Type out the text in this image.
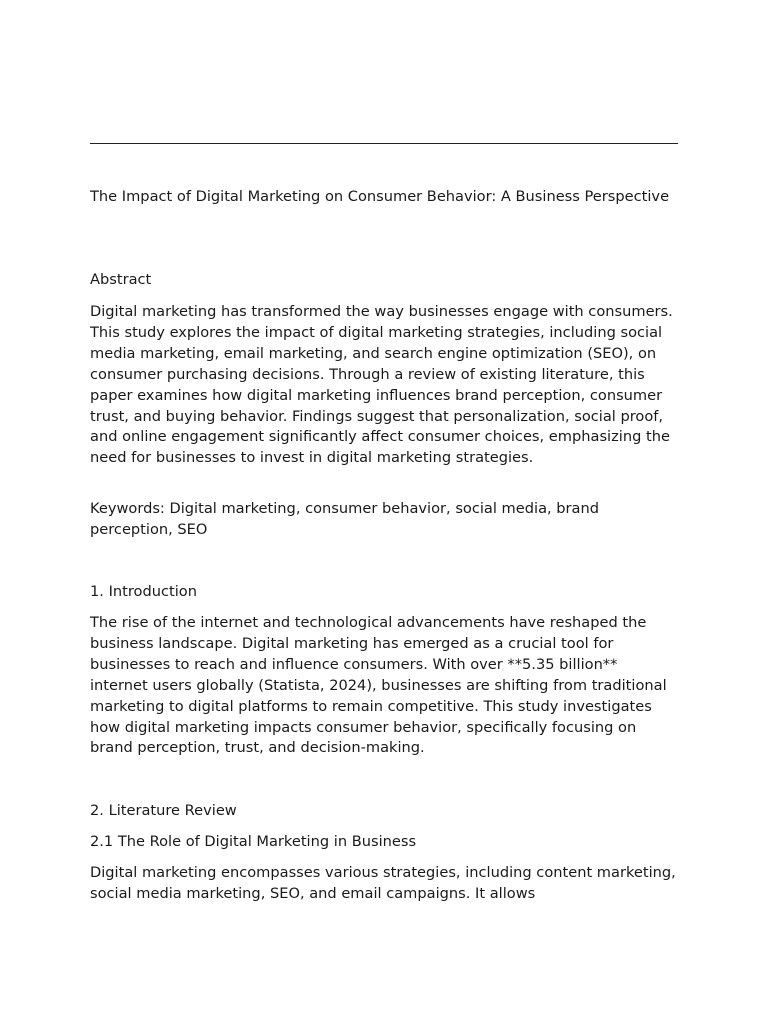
The Impact of Digital Marketing on Consumer Behavior: A Business Perspective

Abstract

Digital marketing has transformed the way businesses engage with consumers. This study explores the impact of digital marketing strategies, including social media marketing, email marketing, and search engine optimization (SEO), on consumer purchasing decisions. Through a review of existing literature, this paper examines how digital marketing influences brand perception, consumer trust, and buying behavior. Findings suggest that personalization, social proof, and online engagement significantly affect consumer choices, emphasizing the need for businesses to invest in digital marketing strategies.

Keywords: Digital marketing, consumer behavior, social media, brand perception, SEO

1. Introduction

The rise of the internet and technological advancements have reshaped the business landscape. Digital marketing has emerged as a crucial tool for businesses to reach and influence consumers. With over **5.35 billion** internet users globally (Statista, 2024), businesses are shifting from traditional marketing to digital platforms to remain competitive. This study investigates how digital marketing impacts consumer behavior, specifically focusing on brand perception, trust, and decision-making.

2. Literature Review

2.1 The Role of Digital Marketing in Business

Digital marketing encompasses various strategies, including content marketing, social media marketing, SEO, and email campaigns. It allows
